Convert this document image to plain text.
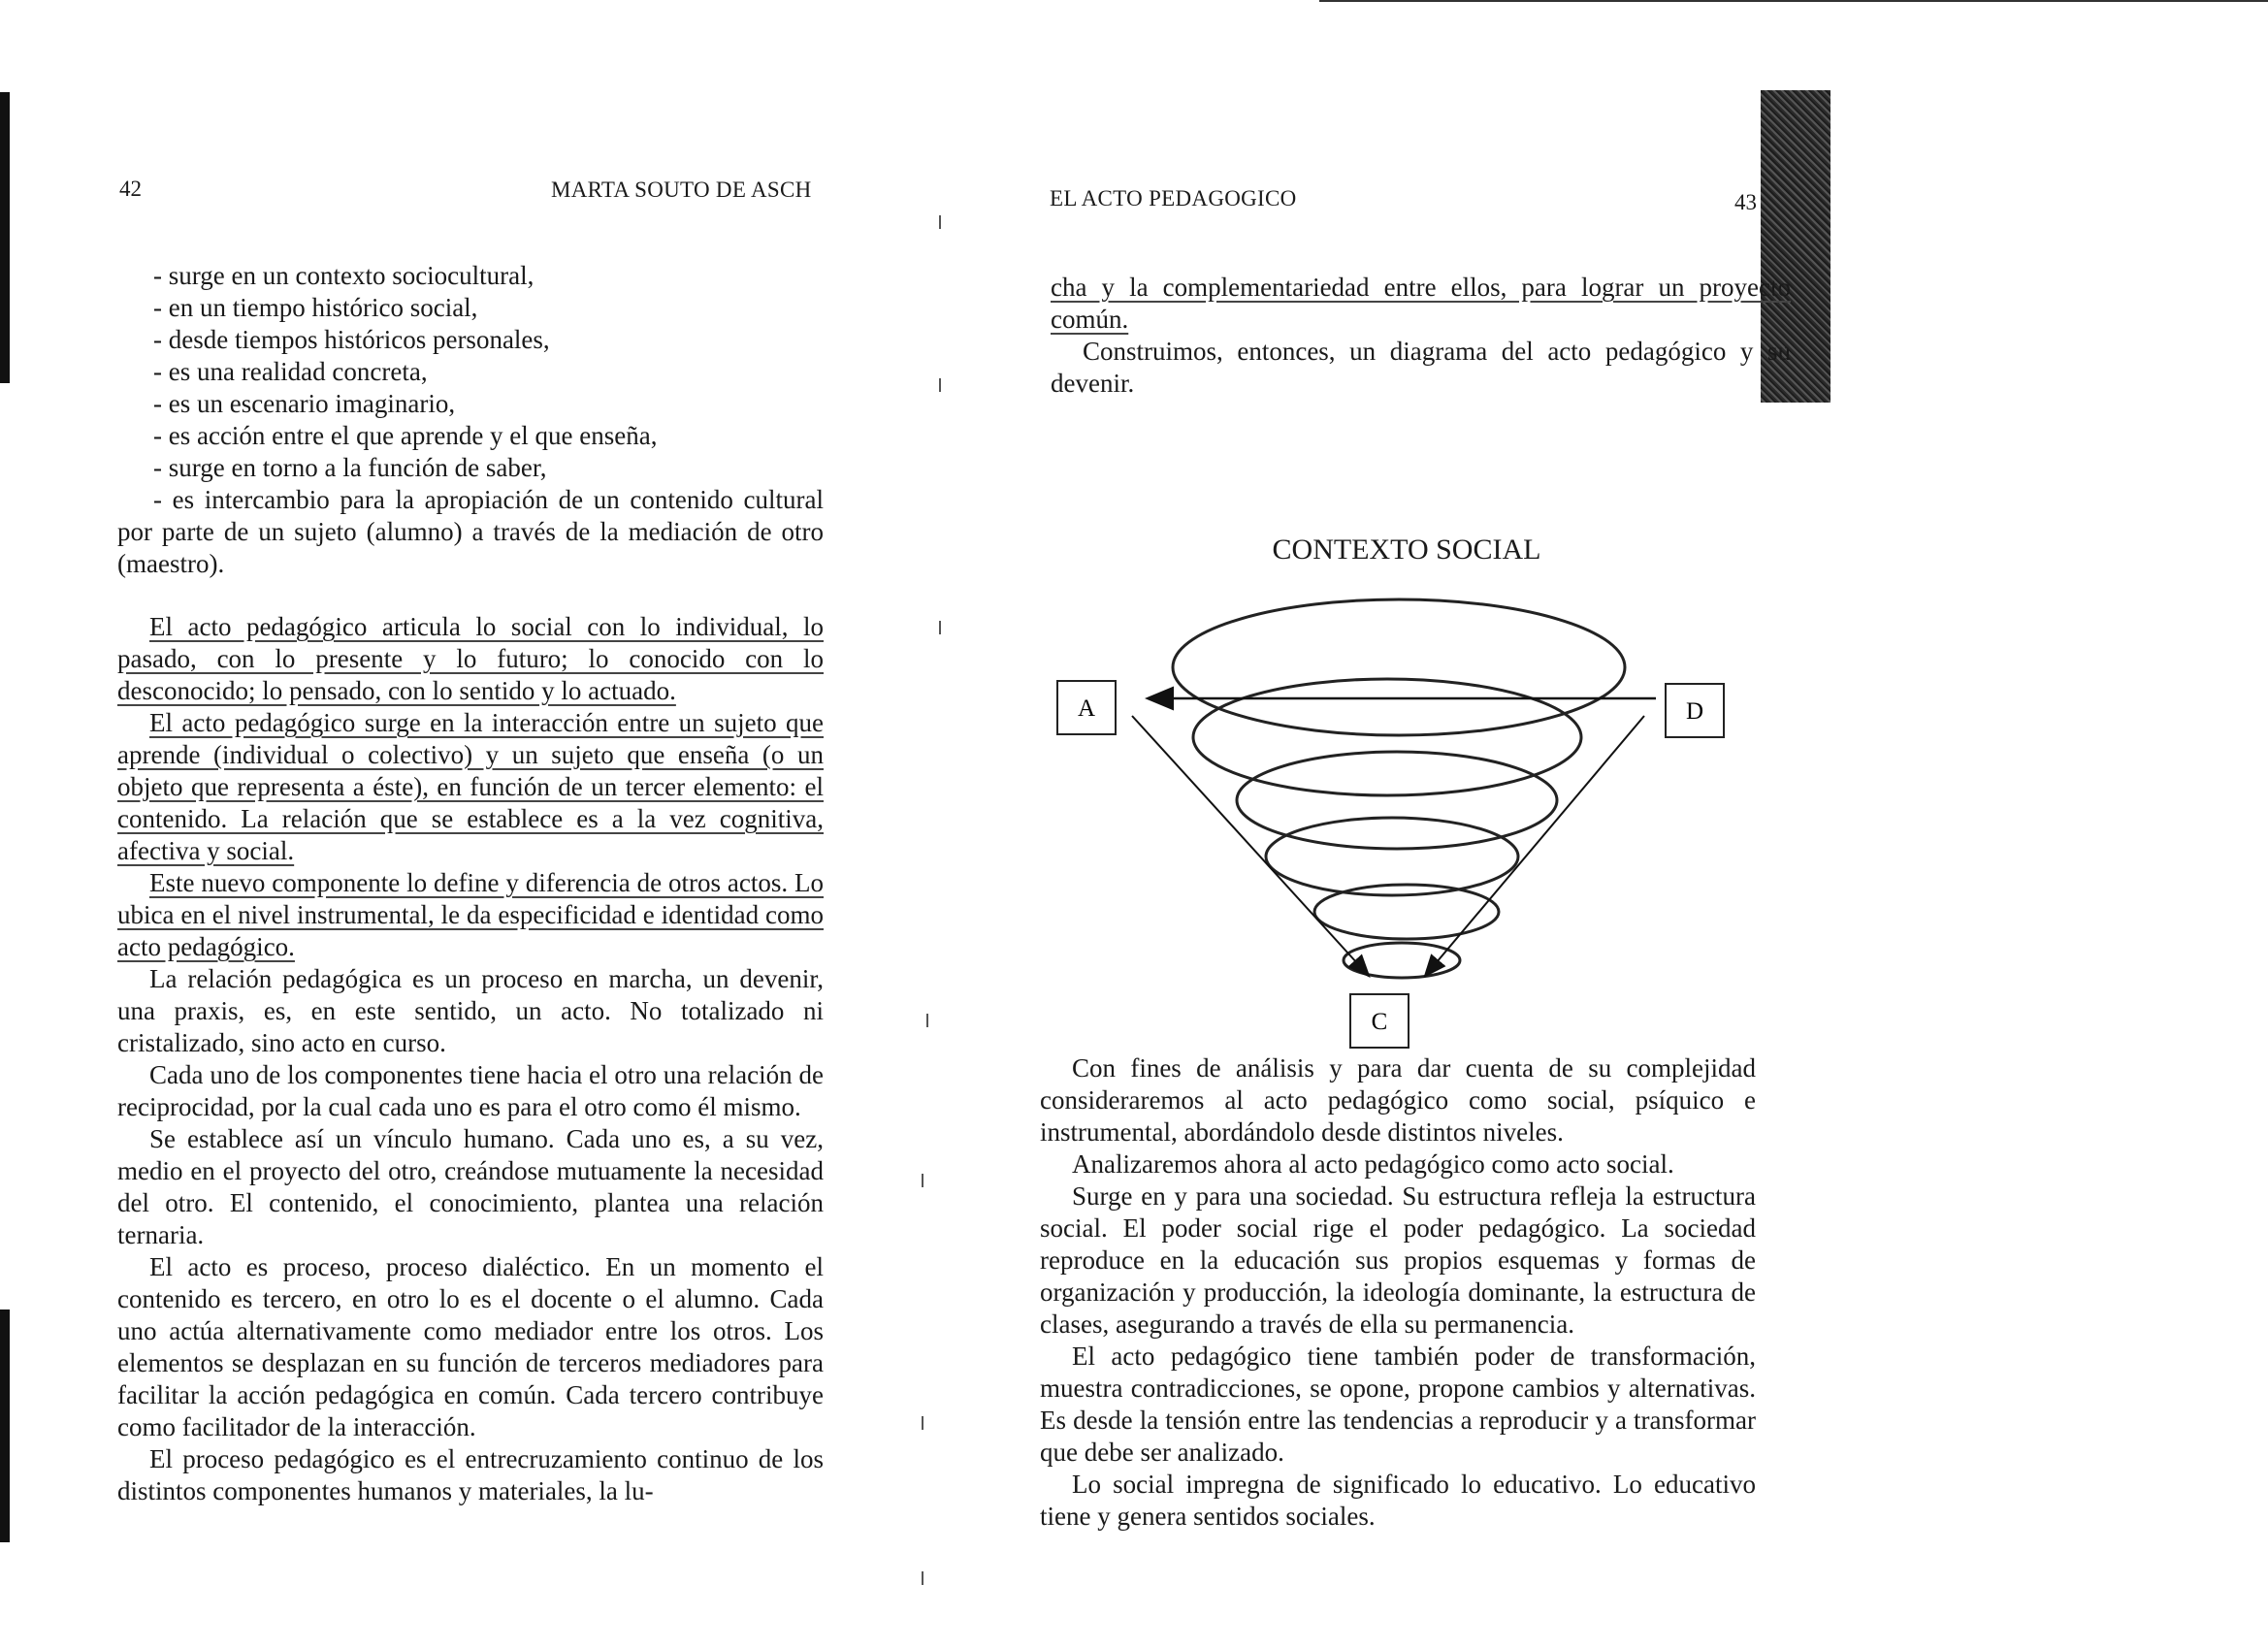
42	MARTA SOUTO DE ASCH
- surge en un contexto sociocultural,
- en un tiempo histórico social,
- desde tiempos históricos personales,
- es una realidad concreta,
- es un escenario imaginario,
- es acción entre el que aprende y el que enseña,
- surge en torno a la función de saber,

- es intercambio para la apropiación de un contenido cultural por parte de un sujeto (alumno) a través de la mediación de otro (maestro).

El acto pedagógico articula lo social con lo individual, lo pasado, con lo presente y lo futuro; lo conocido con lo desconocido; lo pensado, con lo sentido y lo actuado.

El acto pedagógico surge en la interacción entre un sujeto que aprende (individual o colectivo) y un sujeto que enseña (o un objeto que representa a éste), en función de un tercer elemento: el contenido. La relación que se establece es a la vez cognitiva, afectiva y social.

Este nuevo componente lo define y diferencia de otros actos. Lo ubica en el nivel instrumental, le da especificidad e identidad como acto pedagógico.

La relación pedagógica es un proceso en marcha, un devenir, una praxis, es, en este sentido, un acto. No totalizado ni cristalizado, sino acto en curso.

Cada uno de los componentes tiene hacia el otro una relación de reciprocidad, por la cual cada uno es para el otro como él mismo.

Se establece así un vínculo humano. Cada uno es, a su vez, medio en el proyecto del otro, creándose mutuamente la necesidad del otro. El contenido, el conocimiento, plantea una relación ternaria.

El acto es proceso, proceso dialéctico. En un momento el contenido es tercero, en otro lo es el docente o el alumno. Cada uno actúa alternativamente como mediador entre los otros. Los elementos se desplazan en su función de terceros mediadores para facilitar la acción pedagógica en común. Cada tercero contribuye como facilitador de la interacción.

El proceso pedagógico es el entrecruzamiento continuo de los distintos componentes humanos y materiales, la lu-

EL ACTO PEDAGOGICO	43

cha y la complementariedad entre ellos, para lograr un proyecto común.

Construimos, entonces, un diagrama del acto pedagógico y su devenir.

CONTEXTO SOCIAL
A	D
C

Con fines de análisis y para dar cuenta de su complejidad consideraremos al acto pedagógico como social, psíquico e instrumental, abordándolo desde distintos niveles.

Analizaremos ahora al acto pedagógico como acto social.

Surge en y para una sociedad. Su estructura refleja la estructura social. El poder social rige el poder pedagógico. La sociedad reproduce en la educación sus propios esquemas y formas de organización y producción, la ideología dominante, la estructura de clases, asegurando a través de ella su permanencia.

El acto pedagógico tiene también poder de transformación, muestra contradicciones, se opone, propone cambios y alternativas. Es desde la tensión entre las tendencias a reproducir y a transformar que debe ser analizado.

Lo social impregna de significado lo educativo. Lo educativo tiene y genera sentidos sociales.
